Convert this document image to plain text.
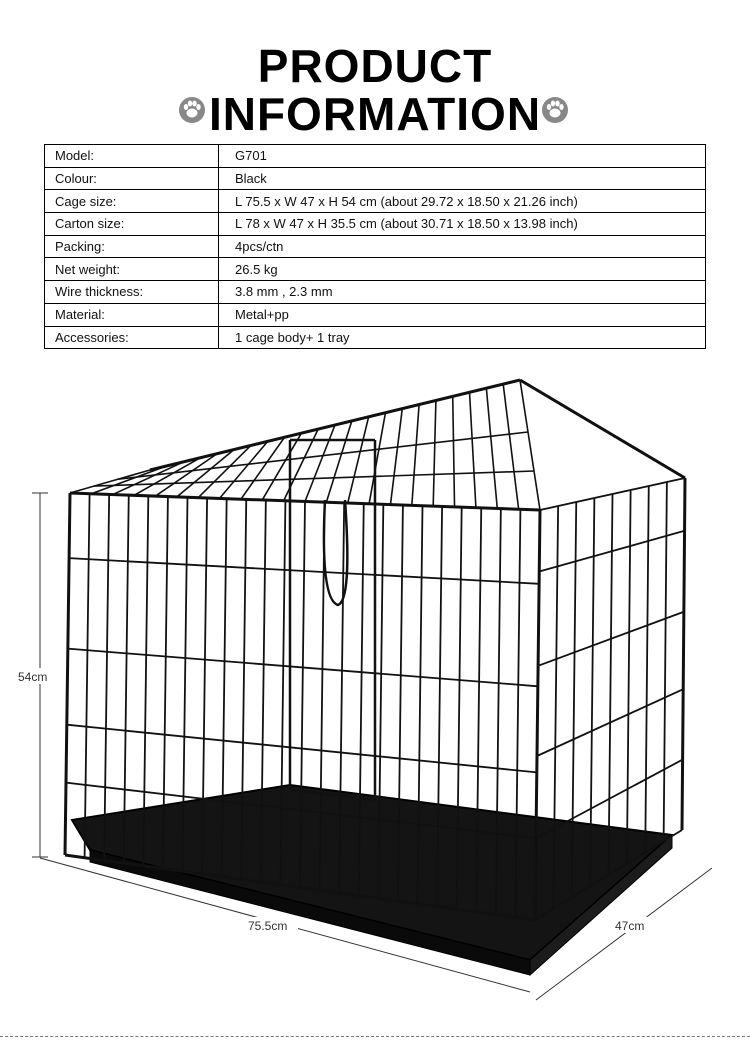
PRODUCT
INFORMATION
Model:	G701
Colour:	Black
Cage size:	L 75.5 x W 47 x H 54 cm (about 29.72 x 18.50 x 21.26 inch)
Carton size:	L 78 x W 47 x H 35.5 cm (about 30.71 x 18.50 x 13.98 inch)
Packing:	4pcs/ctn
Net weight:	26.5 kg
Wire thickness:	3.8 mm , 2.3 mm
Material:	Metal+pp
Accessories:	1 cage body+ 1 tray
54cm
75.5cm	47cm
